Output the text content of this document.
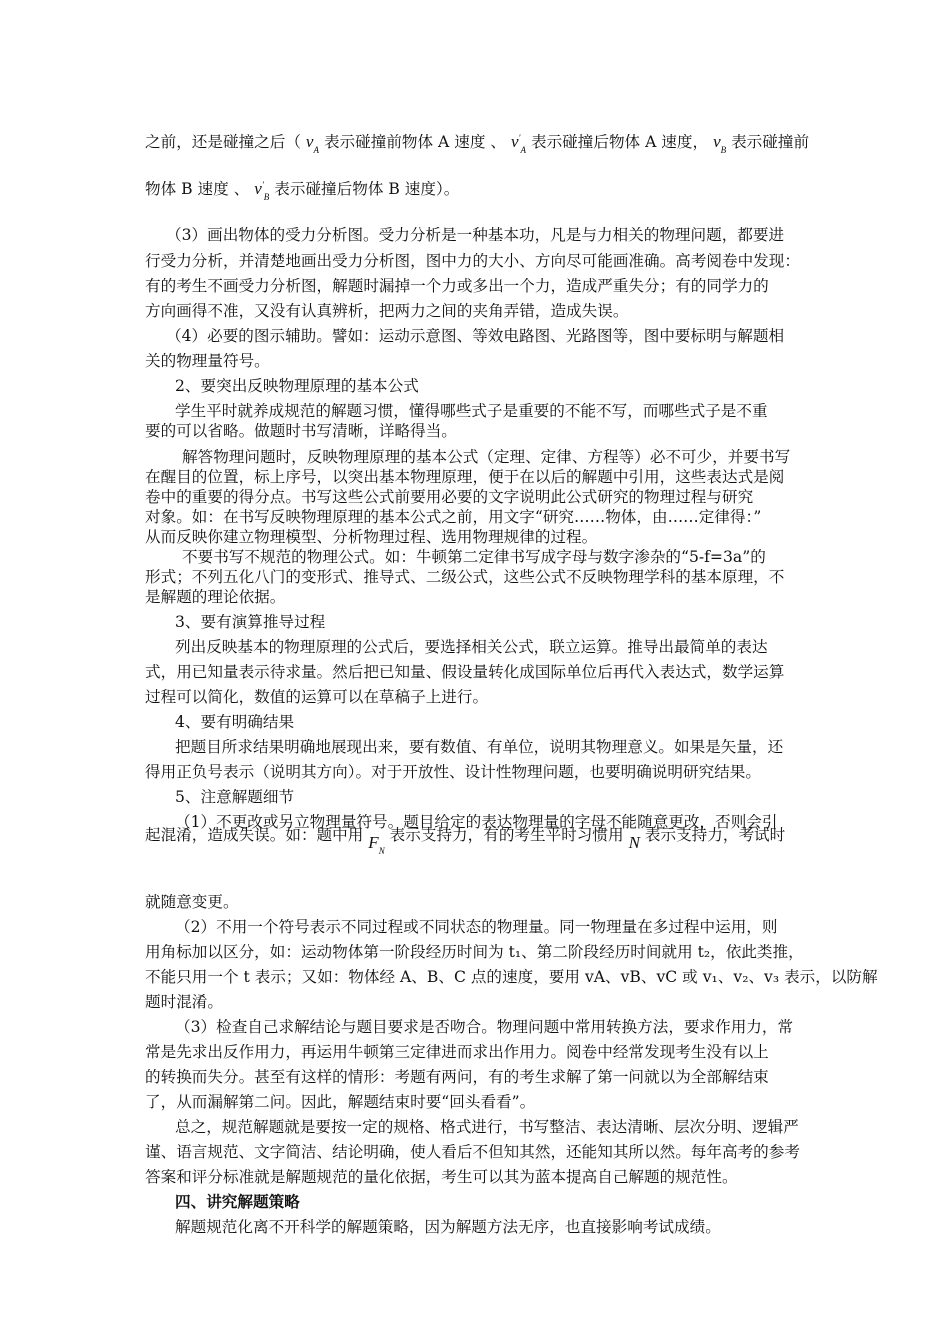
之前，还是碰撞之后（ $v_A$ 表示碰撞前物体 A 速度 、 $v'_A$ 表示碰撞后物体 A 速度， $v_B$ 表示碰撞前
物体 B 速度 、 $v'_B$ 表示碰撞后物体 B 速度）。
起混淆，造成失误。如：题中用 $F_N$ 表示支持力，有的考生平时习惯用 N 表示支持力，考试时
（3）画出物体的受力分析图。受力分析是一种基本功，凡是与力相关的物理问题，都要进
行受力分析，并清楚地画出受力分析图，图中力的大小、方向尽可能画准确。高考阅卷中发现：
有的考生不画受力分析图，解题时漏掉一个力或多出一个力，造成严重失分；有的同学力的
方向画得不准，又没有认真辨析，把两力之间的夹角弄错，造成失误。
（4）必要的图示辅助。譬如：运动示意图、等效电路图、光路图等，图中要标明与解题相
关的物理量符号。
2、要突出反映物理原理的基本公式
学生平时就养成规范的解题习惯，懂得哪些式子是重要的不能不写，而哪些式子是不重
要的可以省略。做题时书写清晰，详略得当。
解答物理问题时，反映物理原理的基本公式（定理、定律、方程等）必不可少，并要书写
在醒目的位置，标上序号，以突出基本物理原理，便于在以后的解题中引用，这些表达式是阅
卷中的重要的得分点。书写这些公式前要用必要的文字说明此公式研究的物理过程与研究
对象。如：在书写反映物理原理的基本公式之前，用文字“研究……物体，由……定律得：”
从而反映你建立物理模型、分析物理过程、选用物理规律的过程。
不要书写不规范的物理公式。如：牛顿第二定律书写成字母与数字渗杂的“5-f=3a”的
形式；不列五化八门的变形式、推导式、二级公式，这些公式不反映物理学科的基本原理，不
是解题的理论依据。
3、要有演算推导过程
列出反映基本的物理原理的公式后，要选择相关公式，联立运算。推导出最简单的表达
式，用已知量表示待求量。然后把已知量、假设量转化成国际单位后再代入表达式，数学运算
过程可以简化，数值的运算可以在草稿子上进行。
4、要有明确结果
把题目所求结果明确地展现出来，要有数值、有单位，说明其物理意义。如果是矢量，还
得用正负号表示（说明其方向）。对于开放性、设计性物理问题，也要明确说明研究结果。
5、注意解题细节
（1）不更改或另立物理量符号。题目给定的表达物理量的字母不能随意更改，否则会引
就随意变更。
（2）不用一个符号表示不同过程或不同状态的物理量。同一物理量在多过程中运用，则
用角标加以区分，如：运动物体第一阶段经历时间为 t₁、第二阶段经历时间就用 t₂，依此类推，
不能只用一个 t 表示；又如：物体经 A、B、C 点的速度，要用 vA、vB、vC 或 v₁、v₂、v₃ 表示，以防解
题时混淆。
（3）检查自己求解结论与题目要求是否吻合。物理问题中常用转换方法，要求作用力，常
常是先求出反作用力，再运用牛顿第三定律进而求出作用力。阅卷中经常发现考生没有以上
的转换而失分。甚至有这样的情形：考题有两问，有的考生求解了第一问就以为全部解结束
了，从而漏解第二问。因此，解题结束时要“回头看看”。
总之，规范解题就是要按一定的规格、格式进行，书写整洁、表达清晰、层次分明、逻辑严
谨、语言规范、文字简洁、结论明确，使人看后不但知其然，还能知其所以然。每年高考的参考
答案和评分标准就是解题规范的量化依据，考生可以其为蓝本提高自己解题的规范性。
四、讲究解题策略
解题规范化离不开科学的解题策略，因为解题方法无序，也直接影响考试成绩。
